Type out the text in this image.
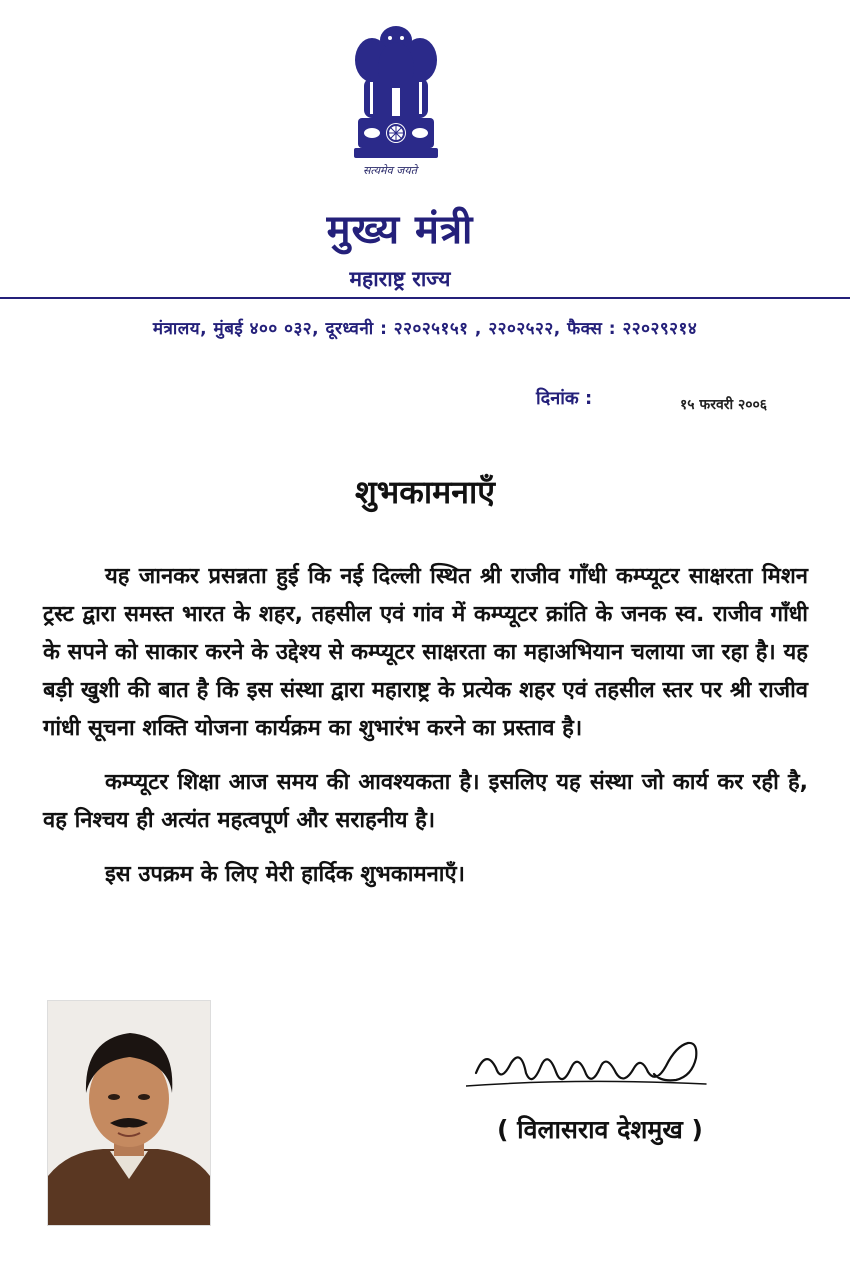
सत्यमेव जयते
मुख्य मंत्री
महाराष्ट्र राज्य
मंत्रालय, मुंबई ४०० ०३२, दूरध्वनी : २२०२५१५१ , २२०२५२२, फैक्स : २२०२९२१४
दिनांक :	१५ फरवरी २००६
शुभकामनाएँ

यह जानकर प्रसन्नता हुई कि नई दिल्ली स्थित श्री राजीव गाँधी कम्प्यूटर साक्षरता मिशन ट्रस्ट द्वारा समस्त भारत के शहर, तहसील एवं गांव में कम्प्यूटर क्रांति के जनक स्व. राजीव गाँधी के सपने को साकार करने के उद्देश्य से कम्प्यूटर साक्षरता का महाअभियान चलाया जा रहा है। यह बड़ी खुशी की बात है कि इस संस्था द्वारा महाराष्ट्र के प्रत्येक शहर एवं तहसील स्तर पर श्री राजीव गांधी सूचना शक्ति योजना कार्यक्रम का शुभारंभ करने का प्रस्ताव है।

कम्प्यूटर शिक्षा आज समय की आवश्यकता है। इसलिए यह संस्था जो कार्य कर रही है, वह निश्चय ही अत्यंत महत्वपूर्ण और सराहनीय है।

इस उपक्रम के लिए मेरी हार्दिक शुभकामनाएँ।

( विलासराव देशमुख )
